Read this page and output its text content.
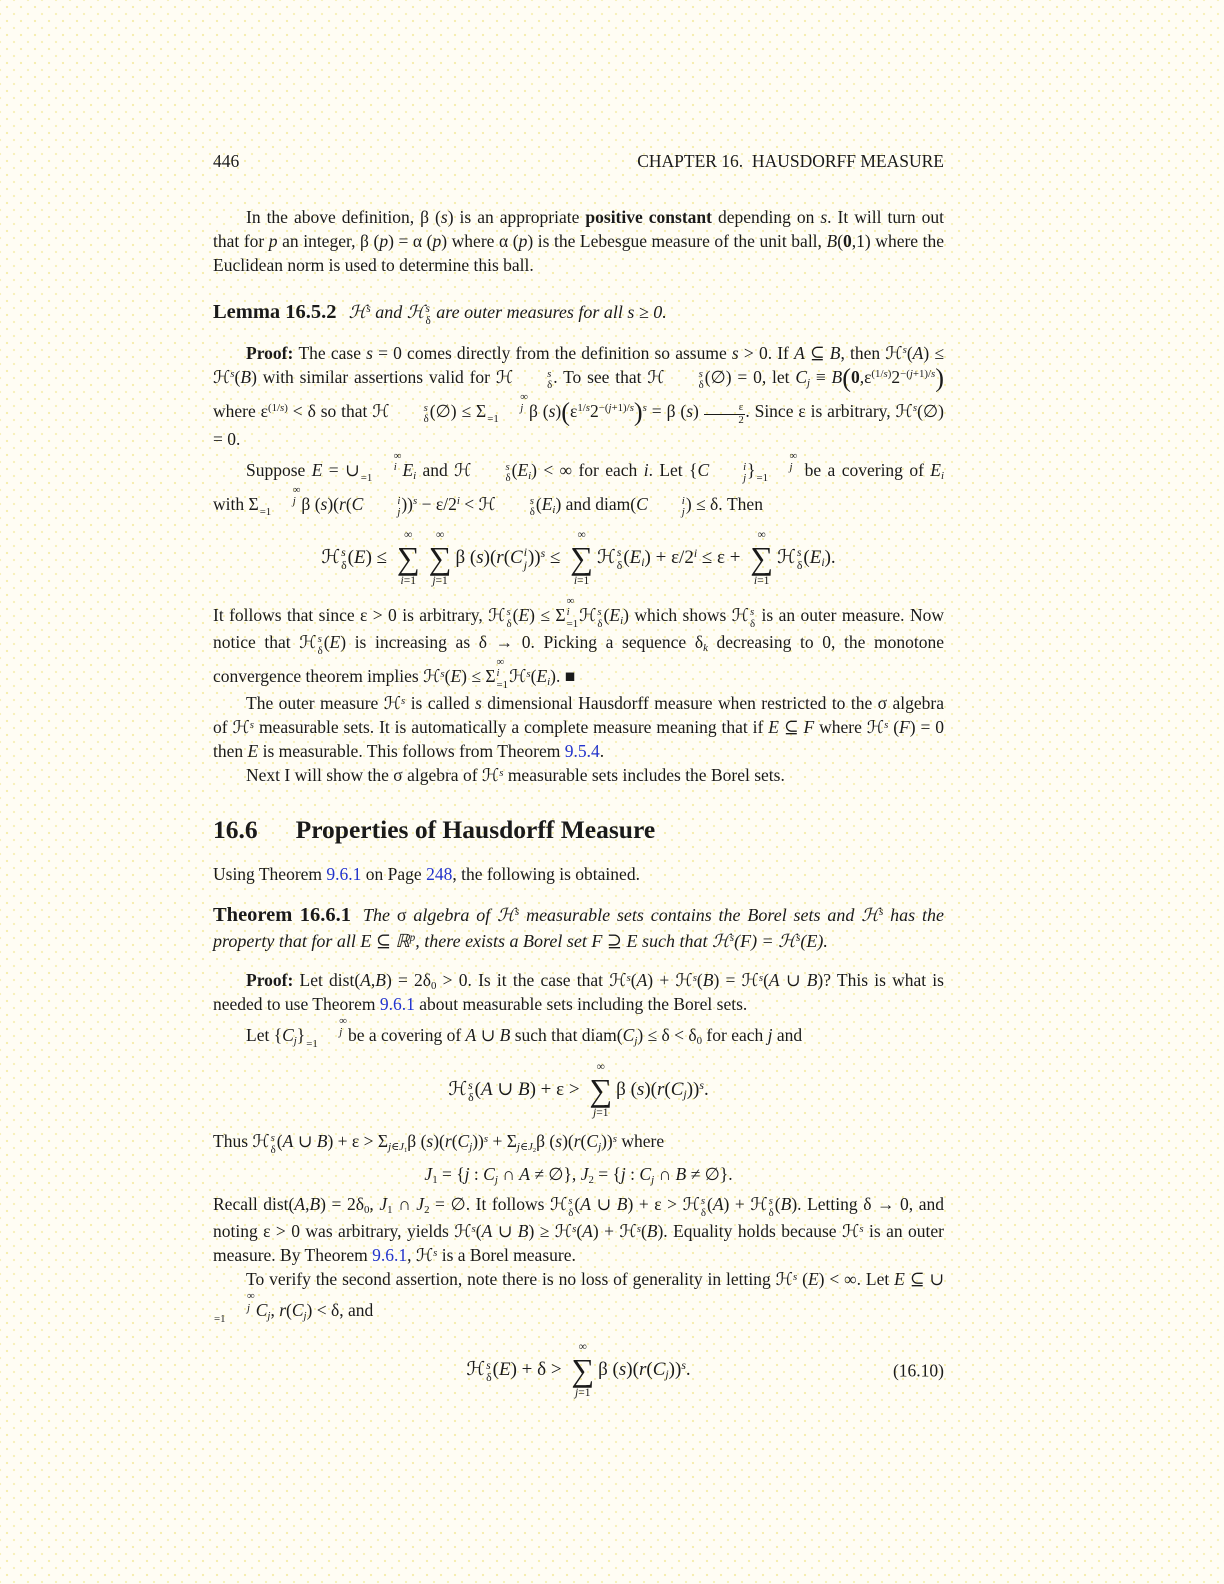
446	CHAPTER 16. HAUSDORFF MEASURE
In the above definition, β (s) is an appropriate positive constant depending on s. It will turn out that for p an integer, β (p) = α (p) where α (p) is the Lebesgue measure of the unit ball, B(0,1) where the Euclidean norm is used to determine this ball.
Lemma 16.5.2 ℋ$^s$ and ℋ s
δ are outer measures for all s ≥ 0.
Proof: The case s = 0 comes directly from the definition so assume s > 0. If A ⊆ B, then ℋ$^s$(A) ≤ ℋ$^s$(B) with similar assertions valid for ℋ	s
δ . To see that ℋ	s
δ (∅) = 0, let $C_j \equiv B(0,\varepsilon^{(1/s)}2^{-(j+1)/s})$ where $\varepsilon^{(1/s)} < \delta$ so that ℋ	s
δ (∅) ≤ Σ
∞
j
=1	β $(s)(\varepsilon^{1/s}2^{-(j+1)/s})^s = \beta$ $(s) \frac{\varepsilon}{2}$ . Since ε is arbitrary, ℋ$^s$(∅) = 0.
Suppose E = ∪
∞
i
=1	$E_i$ and ℋ	s
δ $(E_i)$ < ∞ for each i. Let {C	i
j }
∞
j
=1	be a covering of $E_i$ with Σ
∞
j
=1	β (s)(r(C	i
j ))$^s - \varepsilon/2^i$ < ℋ	s
δ $(E_i)$ and diam(C	i
j ) ≤ δ. Then
ℋ s
δ (E) ≤
∞
∑
i=1
∞
∑
j=1
β (s)(r(C i
j ))$^s$ ≤
∞
∑
i=1
ℋ s
δ $(E_i) + \varepsilon/2^i \le \varepsilon$ +
∞
∑
i=1
ℋ s
δ $(E_i)$.
It follows that since ε > 0 is arbitrary, ℋ s
δ (E) ≤ Σ
∞
i
=1 ℋ s
δ $(E_i)$ which shows ℋ s
δ is an outer measure. Now notice that ℋ s
δ (E) is increasing as δ → 0. Picking a sequence $\delta_k$ decreasing to 0, the monotone convergence theorem implies ℋ$^s$(E) ≤ Σ
∞
i
=1 $ℋ^s(E_i)$. ■
The outer measure ℋ$^s$ is called s dimensional Hausdorff measure when restricted to the σ algebra of ℋ$^s$ measurable sets. It is automatically a complete measure meaning that if E ⊆ F where ℋ$^s$ (F) = 0 then E is measurable. This follows from Theorem 9.5.4.
Next I will show the σ algebra of ℋ$^s$ measurable sets includes the Borel sets.
16.6 Properties of Hausdorff Measure
Using Theorem 9.6.1 on Page 248, the following is obtained.
Theorem 16.6.1 The σ algebra of ℋ$^s$ measurable sets contains the Borel sets and ℋ$^s$ has the property that for all E ⊆ ℝ$^p$, there exists a Borel set F ⊇ E such that ℋ$^s$(F) = ℋ$^s$(E).
Proof: Let dist(A,B) = $2\delta_0 > 0$. Is it the case that ℋ$^s$(A) + ℋ$^s$(B) = ℋ$^s$(A ∪ B)? This is what is needed to use Theorem 9.6.1 about measurable sets including the Borel sets.
Let $\{C_j\}$
∞
j
=1	be a covering of A ∪ B such that $diam(C_j) \le \delta < \delta_0$ for each j and
ℋ s
δ (A ∪ B) + ε >
∞
∑
j=1
β $(s)(r(C_j))^s$.
Thus ℋ s
δ (A ∪ $B) + \varepsilon > \Sigma_{j\in J_1}\beta$ $(s)(r(C_j))^s + \Sigma_{j\in J_2}\beta$ $(s)(r(C_j))^s$ where
$J_1 = \{j$ : $C_j$ ∩ A ≠ ∅}, $J_2 = \{j$ : $C_j$ ∩ B ≠ ∅}.
Recall dist(A,B) = $2\delta_0$, $J_1$ ∩ $J_2$ = ∅. It follows ℋ s
δ (A ∪ B) + ε > ℋ s
δ (A) + ℋ s
δ (B). Letting δ → 0, and noting ε > 0 was arbitrary, yields ℋ$^s$(A ∪ B) ≥ ℋ$^s$(A) + ℋ$^s$(B). Equality holds because ℋ$^s$ is an outer measure. By Theorem 9.6.1, ℋ$^s$ is a Borel measure.
To verify the second assertion, note there is no loss of generality in letting ℋ$^s$ (E) < ∞. Let E ⊆ ∪
∞
j
=1	$C_j$, $r(C_j) < \delta$, and
ℋ s
δ (E) + δ >
∞
∑
j=1
β $(s)(r(C_j))^s$.	(16.10)
